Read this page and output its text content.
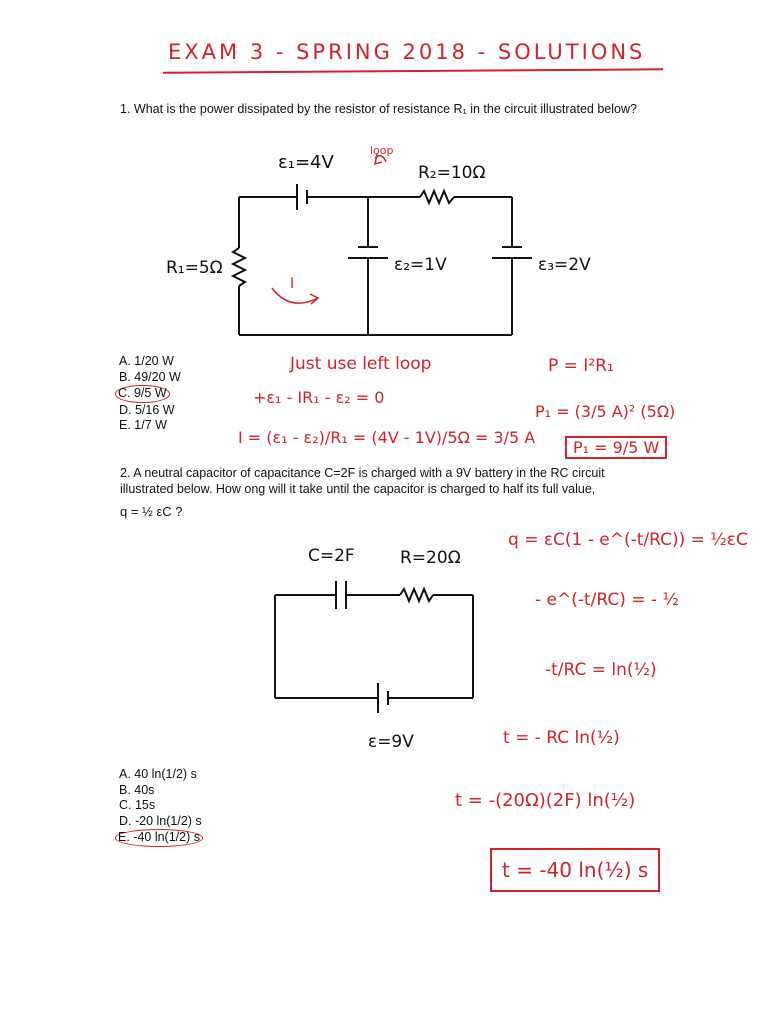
EXAM 3 - SPRING 2018 - SOLUTIONS
1. What is the power dissipated by the resistor of resistance R₁ in the circuit illustrated below?
ε₁=4V
loop
R₂=10Ω
R₁=5Ω	ε₂=1V	ε₃=2V
I
A. 1/20 W
B. 49/20 W
C. 9/5 W
D. 5/16 W
E. 1/7 W
Just use left loop
+ε₁ - IR₁ - ε₂ = 0
I = (ε₁ - ε₂)/R₁ = (4V - 1V)/5Ω = 3/5 A
P = I²R₁
P₁ = (3/5 A)² (5Ω)
P₁ = 9/5 W
2. A neutral capacitor of capacitance C=2F is charged with a 9V battery in the RC circuit illustrated below. How ong will it take until the capacitor is charged to half its full value,
q = ½ εC ?
C=2F	R=20Ω
ε=9V
q = εC(1 - e^(-t/RC)) = ½εC
- e^(-t/RC) = - ½
-t/RC = ln(½)
t = - RC ln(½)
t = -(20Ω)(2F) ln(½)
t = -40 ln(½) s
A. 40 ln(1/2) s
B. 40s
C. 15s
D. -20 ln(1/2) s
E. -40 ln(1/2) s
